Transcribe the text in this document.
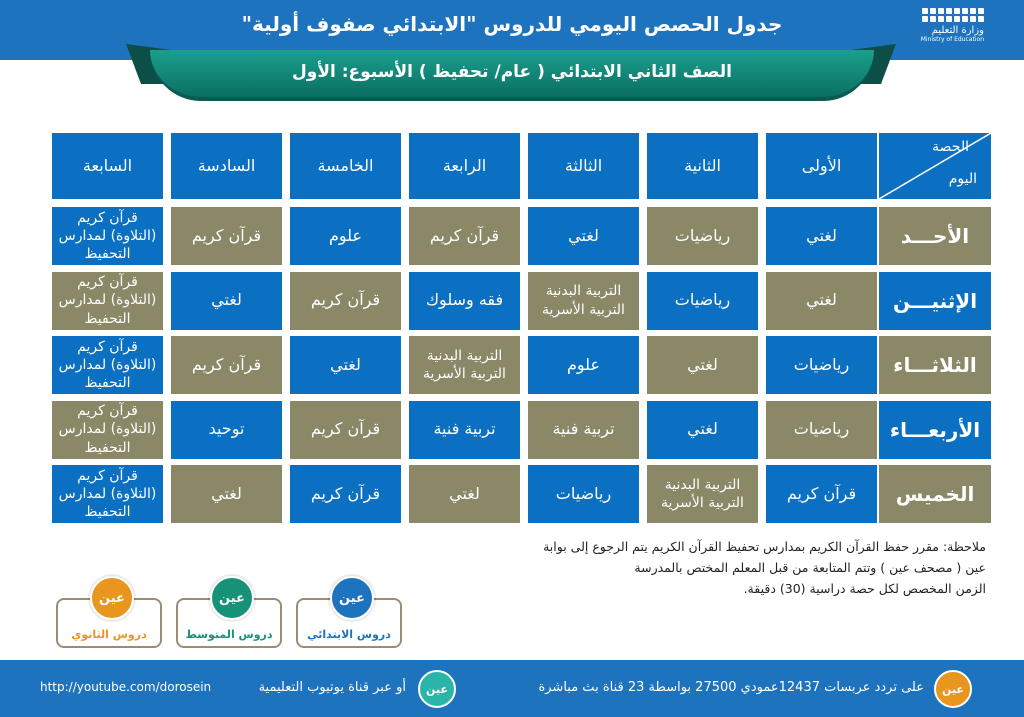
جدول الحصص اليومي للدروس "الابتدائي صفوف أولية"	وزارة التعليم
Ministry of Education
الصف الثاني الابتدائي ( عام/ تحفيظ ) الأسبوع: الأول
الحصة
اليوم
الأولى
الثانية
الثالثة
الرابعة
الخامسة
السادسة
السابعة
الأحـــد
لغتي
رياضيات
لغتي
قرآن كريم
علوم
قرآن كريم
قرآن كريم (التلاوة) لمدارس التحفيظ
الإثنيـــن
لغتي
رياضيات
التربية البدنية التربية الأسرية
فقه وسلوك
قرآن كريم
لغتي
قرآن كريم (التلاوة) لمدارس التحفيظ
الثلاثـــاء
رياضيات
لغتي
علوم
التربية البدنية التربية الأسرية
لغتي
قرآن كريم
قرآن كريم (التلاوة) لمدارس التحفيظ
الأربعـــاء
رياضيات
لغتي
تربية فنية
تربية فنية
قرآن كريم
توحيد
قرآن كريم (التلاوة) لمدارس التحفيظ
الخميس
قرآن كريم
التربية البدنية التربية الأسرية
رياضيات
لغتي
قرآن كريم
لغتي
قرآن كريم (التلاوة) لمدارس التحفيظ
ملاحظة: مقرر حفظ القرآن الكريم بمدارس تحفيظ القرآن الكريم يتم الرجوع إلى بوابة
عين ( مصحف عين ) وتتم المتابعة من قبل المعلم المختص بالمدرسة
الزمن المخصص لكل حصة دراسية (30) دقيقة.
عين
دروس الثانوي
عين
دروس المتوسط
عين
دروس الابتدائي
عين
على تردد عربسات 12437عمودي 27500 بواسطة 23 قناة بث مباشرة
عين
أو عبر قناة يوتيوب التعليمية
http://youtube.com/dorosein
